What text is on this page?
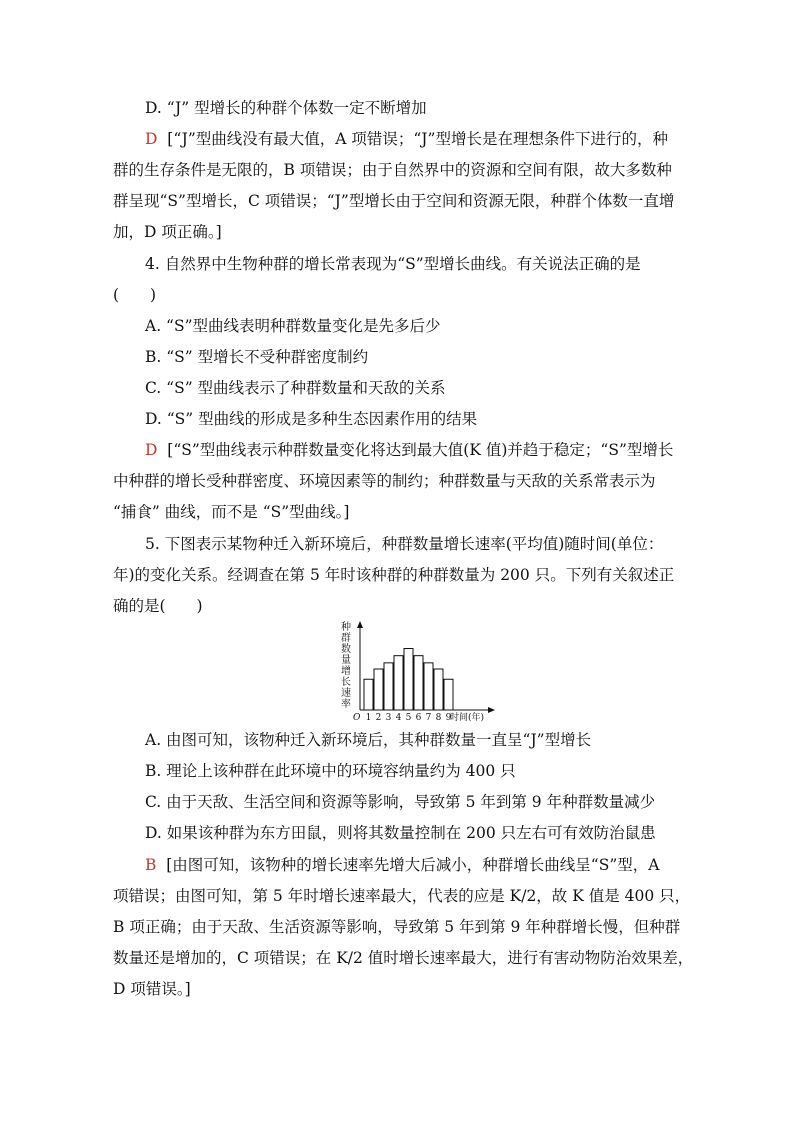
D. “J” 型增长的种群个体数一定不断增加
D [“J”型曲线没有最大值，A 项错误；“J”型增长是在理想条件下进行的，种
群的生存条件是无限的，B 项错误；由于自然界中的资源和空间有限，故大多数种
群呈现“S”型增长，C 项错误；“J”型增长由于空间和资源无限，种群个体数一直增
加，D 项正确。]
4. 自然界中生物种群的增长常表现为“S”型增长曲线。有关说法正确的是
(　　)
A. “S”型曲线表明种群数量变化是先多后少
B. “S” 型增长不受种群密度制约
C. “S” 型曲线表示了种群数量和天敌的关系
D. “S” 型曲线的形成是多种生态因素作用的结果
D [“S”型曲线表示种群数量变化将达到最大值(K 值)并趋于稳定；“S”型增长
中种群的增长受种群密度、环境因素等的制约；种群数量与天敌的关系常表示为
“捕食” 曲线，而不是 “S”型曲线。]
5. 下图表示某物种迁入新环境后，种群数量增长速率(平均值)随时间(单位：
年)的变化关系。经调查在第 5 年时该种群的种群数量为 200 只。下列有关叙述正
确的是(　　)
种
群
数
量
增
长
速
率
1 2 3 4 5 6 7 8 9
O	时间(年)
A. 由图可知，该物种迁入新环境后，其种群数量一直呈“J”型增长
B. 理论上该种群在此环境中的环境容纳量约为 400 只
C. 由于天敌、生活空间和资源等影响，导致第 5 年到第 9 年种群数量减少
D. 如果该种群为东方田鼠，则将其数量控制在 200 只左右可有效防治鼠患
B [由图可知，该物种的增长速率先增大后减小，种群增长曲线呈“S”型，A
项错误；由图可知，第 5 年时增长速率最大，代表的应是 K/2，故 K 值是 400 只，
B 项正确；由于天敌、生活资源等影响，导致第 5 年到第 9 年种群增长慢，但种群
数量还是增加的，C 项错误；在 K/2 值时增长速率最大，进行有害动物防治效果差，
D 项错误。]
